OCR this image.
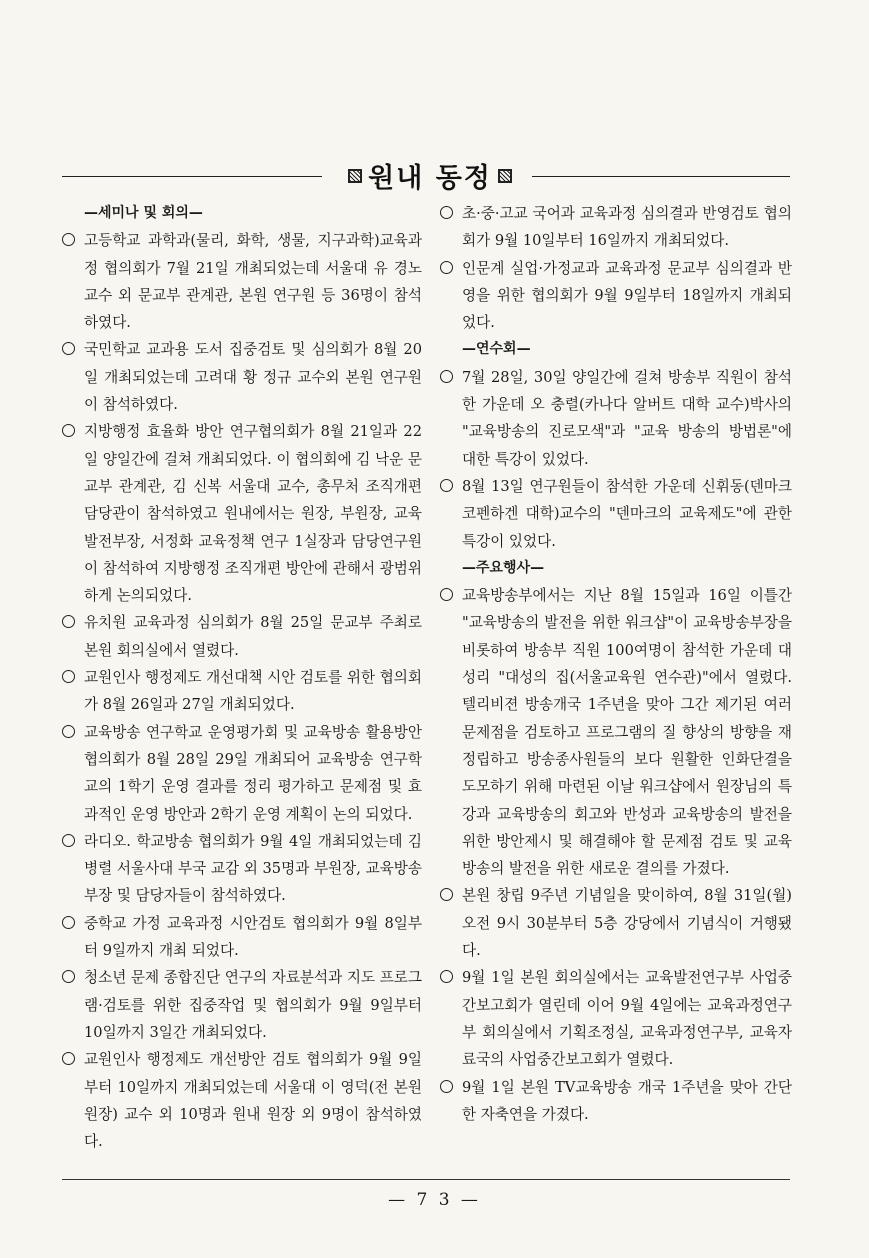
원내 동정
—세미나 및 회의—
고등학교 과학과(물리, 화학, 생물, 지구과학)교육과정 협의회가 7월 21일 개최되었는데 서울대 유 경노 교수 외 문교부 관계관, 본원 연구원 등 36명이 참석하였다.
국민학교 교과용 도서 집중검토 및 심의회가 8월 20일 개최되었는데 고려대 황 정규 교수외 본원 연구원이 참석하였다.
지방행정 효율화 방안 연구협의회가 8월 21일과 22일 양일간에 걸쳐 개최되었다. 이 협의회에 김 낙운 문교부 관계관, 김 신복 서울대 교수, 총무처 조직개편 담당관이 참석하였고 원내에서는 원장, 부원장, 교육발전부장, 서정화 교육정책 연구 1실장과 담당연구원이 참석하여 지방행정 조직개편 방안에 관해서 광범위하게 논의되었다.
유치원 교육과정 심의회가 8월 25일 문교부 주최로 본원 회의실에서 열렸다.
교원인사 행정제도 개선대책 시안 검토를 위한 협의회가 8월 26일과 27일 개최되었다.
교육방송 연구학교 운영평가회 및 교육방송 활용방안 협의회가 8월 28일 29일 개최되어 교육방송 연구학교의 1학기 운영 결과를 정리 평가하고 문제점 및 효과적인 운영 방안과 2학기 운영 계획이 논의 되었다.
라디오. 학교방송 협의회가 9월 4일 개최되었는데 김 병렬 서울사대 부국 교감 외 35명과 부원장, 교육방송부장 및 담당자들이 참석하였다.
중학교 가정 교육과정 시안검토 협의회가 9월 8일부터 9일까지 개최 되었다.
청소년 문제 종합진단 연구의 자료분석과 지도 프로그램·검토를 위한 집중작업 및 협의회가 9월 9일부터 10일까지 3일간 개최되었다.
교원인사 행정제도 개선방안 검토 협의회가 9월 9일부터 10일까지 개최되었는데 서울대 이 영덕(전 본원 원장) 교수 외 10명과 원내 원장 외 9명이 참석하였다.
초·중·고교 국어과 교육과정 심의결과 반영검토 협의회가 9월 10일부터 16일까지 개최되었다.
인문계 실업·가정교과 교육과정 문교부 심의결과 반영을 위한 협의회가 9월 9일부터 18일까지 개최되었다.
—연수회—
7월 28일, 30일 양일간에 걸쳐 방송부 직원이 참석한 가운데 오 충렬(카나다 알버트 대학 교수)박사의 "교육방송의 진로모색"과 "교육 방송의 방법론"에 대한 특강이 있었다.
8월 13일 연구원들이 참석한 가운데 신휘동(덴마크 코펜하겐 대학)교수의 "덴마크의 교육제도"에 관한 특강이 있었다.
—주요행사—
교육방송부에서는 지난 8월 15일과 16일 이틀간 "교육방송의 발전을 위한 워크샵"이 교육방송부장을 비롯하여 방송부 직원 100여명이 참석한 가운데 대성리 "대성의 집(서울교육원 연수관)"에서 열렸다. 텔리비젼 방송개국 1주년을 맞아 그간 제기된 여러 문제점을 검토하고 프로그램의 질 향상의 방향을 재정립하고 방송종사원들의 보다 원활한 인화단결을 도모하기 위해 마련된 이날 워크샵에서 원장님의 특강과 교육방송의 회고와 반성과 교육방송의 발전을 위한 방안제시 및 해결해야 할 문제점 검토 및 교육방송의 발전을 위한 새로운 결의를 가졌다.
본원 창립 9주년 기념일을 맞이하여, 8월 31일(월) 오전 9시 30분부터 5층 강당에서 기념식이 거행됐다.
9월 1일 본원 회의실에서는 교육발전연구부 사업중간보고회가 열린데 이어 9월 4일에는 교육과정연구부 회의실에서 기획조정실, 교육과정연구부, 교육자료국의 사업중간보고회가 열렸다.
9월 1일 본원 TV교육방송 개국 1주년을 맞아 간단한 자축연을 가졌다.
— 7 3 —
